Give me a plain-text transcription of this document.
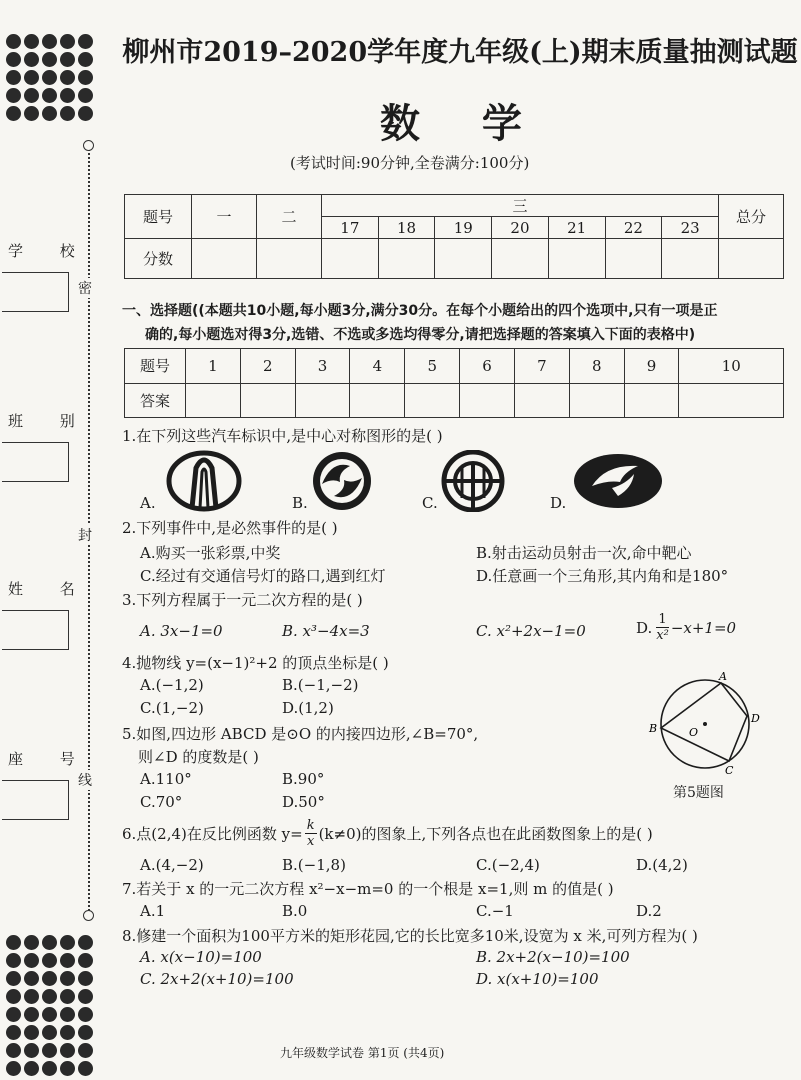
学 校
班 别
姓 名
座 号
密
封
线
柳州市2019–2020学年度九年级(上)期末质量抽测试题
数 学
(考试时间:90分钟,全卷满分:100分)
题号	一	二	三							总分
			17	18	19	20	21	22	23	
分数										
一、选择题((本题共10小题,每小题3分,满分30分。在每个小题给出的四个选项中,只有一项是正
确的,每小题选对得3分,选错、不选或多选均得零分,请把选择题的答案填入下面的表格中)
题号	1	2	3	4	5	6	7	8	9	10
答案										
1.在下列这些汽车标识中,是中心对称图形的是( )
A.	B.	C.	D.
2.下列事件中,是必然事件的是( )
A.购买一张彩票,中奖	B.射击运动员射击一次,命中靶心
C.经过有交通信号灯的路口,遇到红灯	D.任意画一个三角形,其内角和是180°
3.下列方程属于一元二次方程的是( )
A. 3x−1=0	B. x³−4x=3	C. x²+2x−1=0	D. $\frac{1}{\text{x²}} -x+1=0$
4.抛物线 y=(x−1)²+2 的顶点坐标是( )
A.(−1,2)	B.(−1,−2)
C.(1,−2)	D.(1,2)
5.如图,四边形 ABCD 是⊙O 的内接四边形,∠B=70°,
则∠D 的度数是( )
A.110°	B.90°
C.70°	D.50°
A
B
C
D
O
第5题图
6.点(2,4)在反比例函数 $y= \frac{k}{x} (k\ne 0)$的图象上,下列各点也在此函数图象上的是( )
A.(4,−2)	B.(−1,8)	C.(−2,4)	D.(4,2)
7.若关于 x 的一元二次方程 x²−x−m=0 的一个根是 x=1,则 m 的值是( )
A.1	B.0	C.−1	D.2
8.修建一个面积为100平方米的矩形花园,它的长比宽多10米,设宽为 x 米,可列方程为( )
A. x(x−10)=100	B. 2x+2(x−10)=100
C. 2x+2(x+10)=100	D. x(x+10)=100
九年级数学试卷 第1页 (共4页)
